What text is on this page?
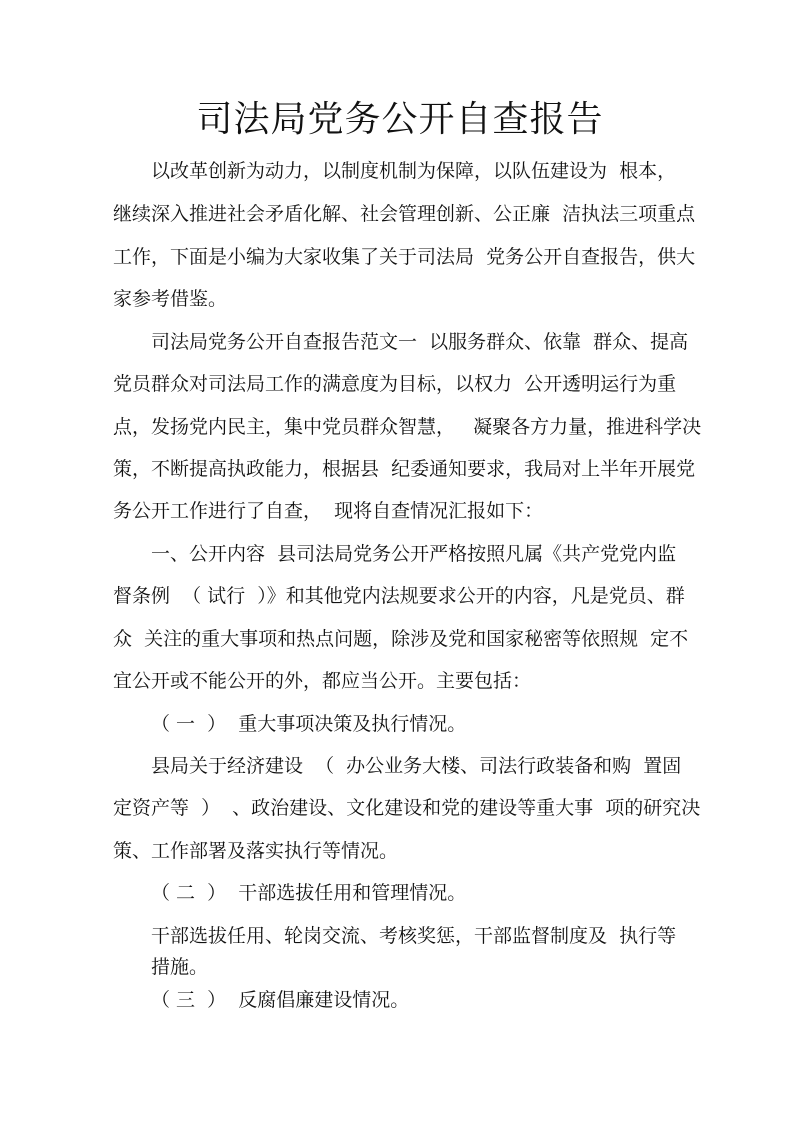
司法局党务公开自查报告

以改革创新为动力，以制度机制为保障，以队伍建设为  根本，

继续深入推进社会矛盾化解、社会管理创新、公正廉  洁执法三项重点

工作，下面是小编为大家收集了关于司法局  党务公开自查报告，供大

家参考借鉴。

司法局党务公开自查报告范文一  以服务群众、依靠  群众、提高

党员群众对司法局工作的满意度为目标，以权力  公开透明运行为重

点，发扬党内民主，集中党员群众智慧，   凝聚各方力量，推进科学决

策，不断提高执政能力，根据县  纪委通知要求，我局对上半年开展党

务公开工作进行了自查，  现将自查情况汇报如下：

一、公开内容  县司法局党务公开严格按照凡属《共产党党内监

督条例  （ 试行  ）》和其他党内法规要求公开的内容，凡是党员、群

众  关注的重大事项和热点问题，除涉及党和国家秘密等依照规  定不

宜公开或不能公开的外，都应当公开。主要包括：

（ 一  ）  重大事项决策及执行情况。

县局关于经济建设  （  办公业务大楼、司法行政装备和购  置固

定资产等  ）  、政治建设、文化建设和党的建设等重大事  项的研究决

策、工作部署及落实执行等情况。

（ 二  ）  干部选拔任用和管理情况。

干部选拔任用、轮岗交流、考核奖惩，干部监督制度及  执行等

措施。

（ 三  ）  反腐倡廉建设情况。
